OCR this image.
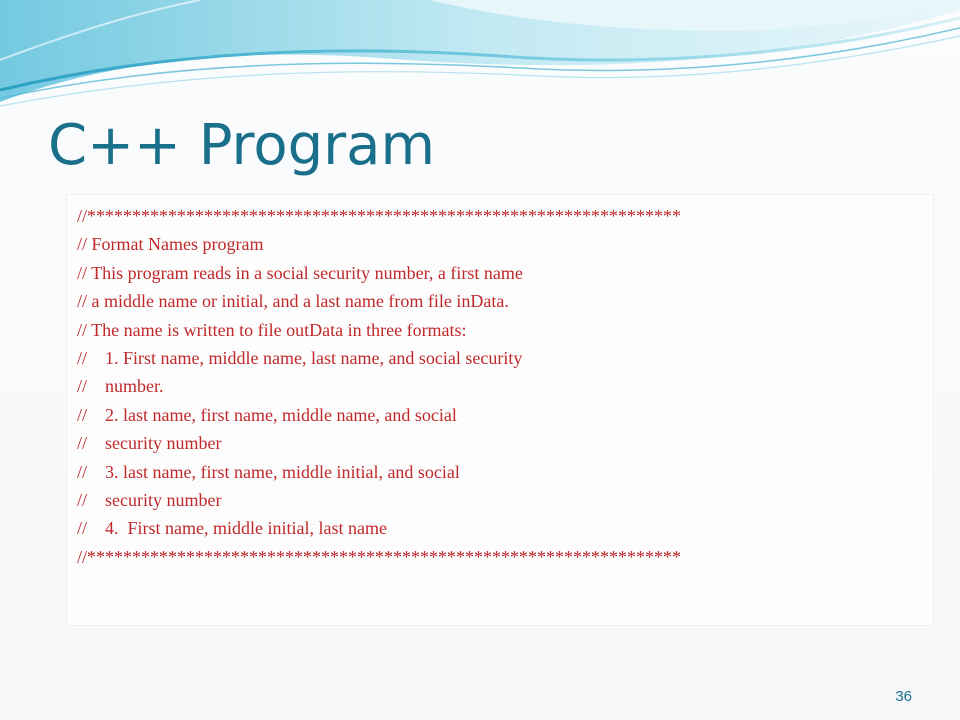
C++ Program
//******************************************************************
// Format Names program
// This program reads in a social security number, a first name
// a middle name or initial, and a last name from file inData.
// The name is written to file outData in three formats:
//    1. First name, middle name, last name, and social security
//    number.
//    2. last name, first name, middle name, and social
//    security number
//    3. last name, first name, middle initial, and social
//    security number
//    4.  First name, middle initial, last name
//******************************************************************
36
